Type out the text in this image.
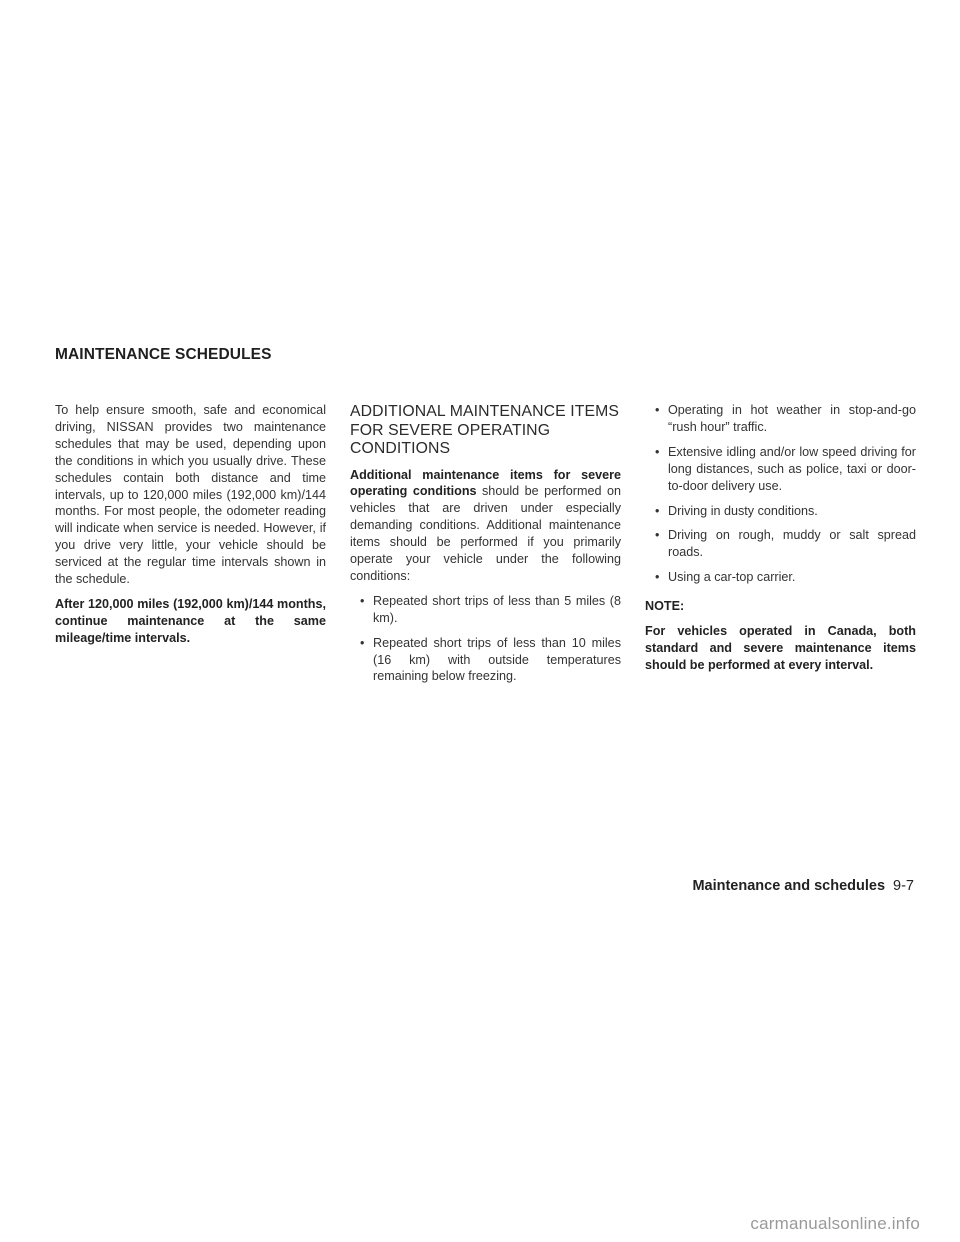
MAINTENANCE SCHEDULES

To help ensure smooth, safe and economical driving, NISSAN provides two maintenance schedules that may be used, depending upon the conditions in which you usually drive. These schedules contain both distance and time intervals, up to 120,000 miles (192,000 km)/144 months. For most people, the odometer reading will indicate when service is needed. However, if you drive very little, your vehicle should be serviced at the regular time intervals shown in the schedule.

After 120,000 miles (192,000 km)/144 months, continue maintenance at the same mileage/time intervals.

ADDITIONAL MAINTENANCE ITEMS FOR SEVERE OPERATING CONDITIONS

Additional maintenance items for severe operating conditions should be performed on vehicles that are driven under especially demanding conditions. Additional maintenance items should be performed if you primarily operate your vehicle under the following conditions:

• Repeated short trips of less than 5 miles (8 km).
• Repeated short trips of less than 10 miles (16 km) with outside temperatures remaining below freezing.
• Operating in hot weather in stop-and-go “rush hour” traffic.
• Extensive idling and/or low speed driving for long distances, such as police, taxi or door-to-door delivery use.
• Driving in dusty conditions.
• Driving on rough, muddy or salt spread roads.
• Using a car-top carrier.

NOTE:

For vehicles operated in Canada, both standard and severe maintenance items should be performed at every interval.

Maintenance and schedules 9-7
carmanualsonline.info
